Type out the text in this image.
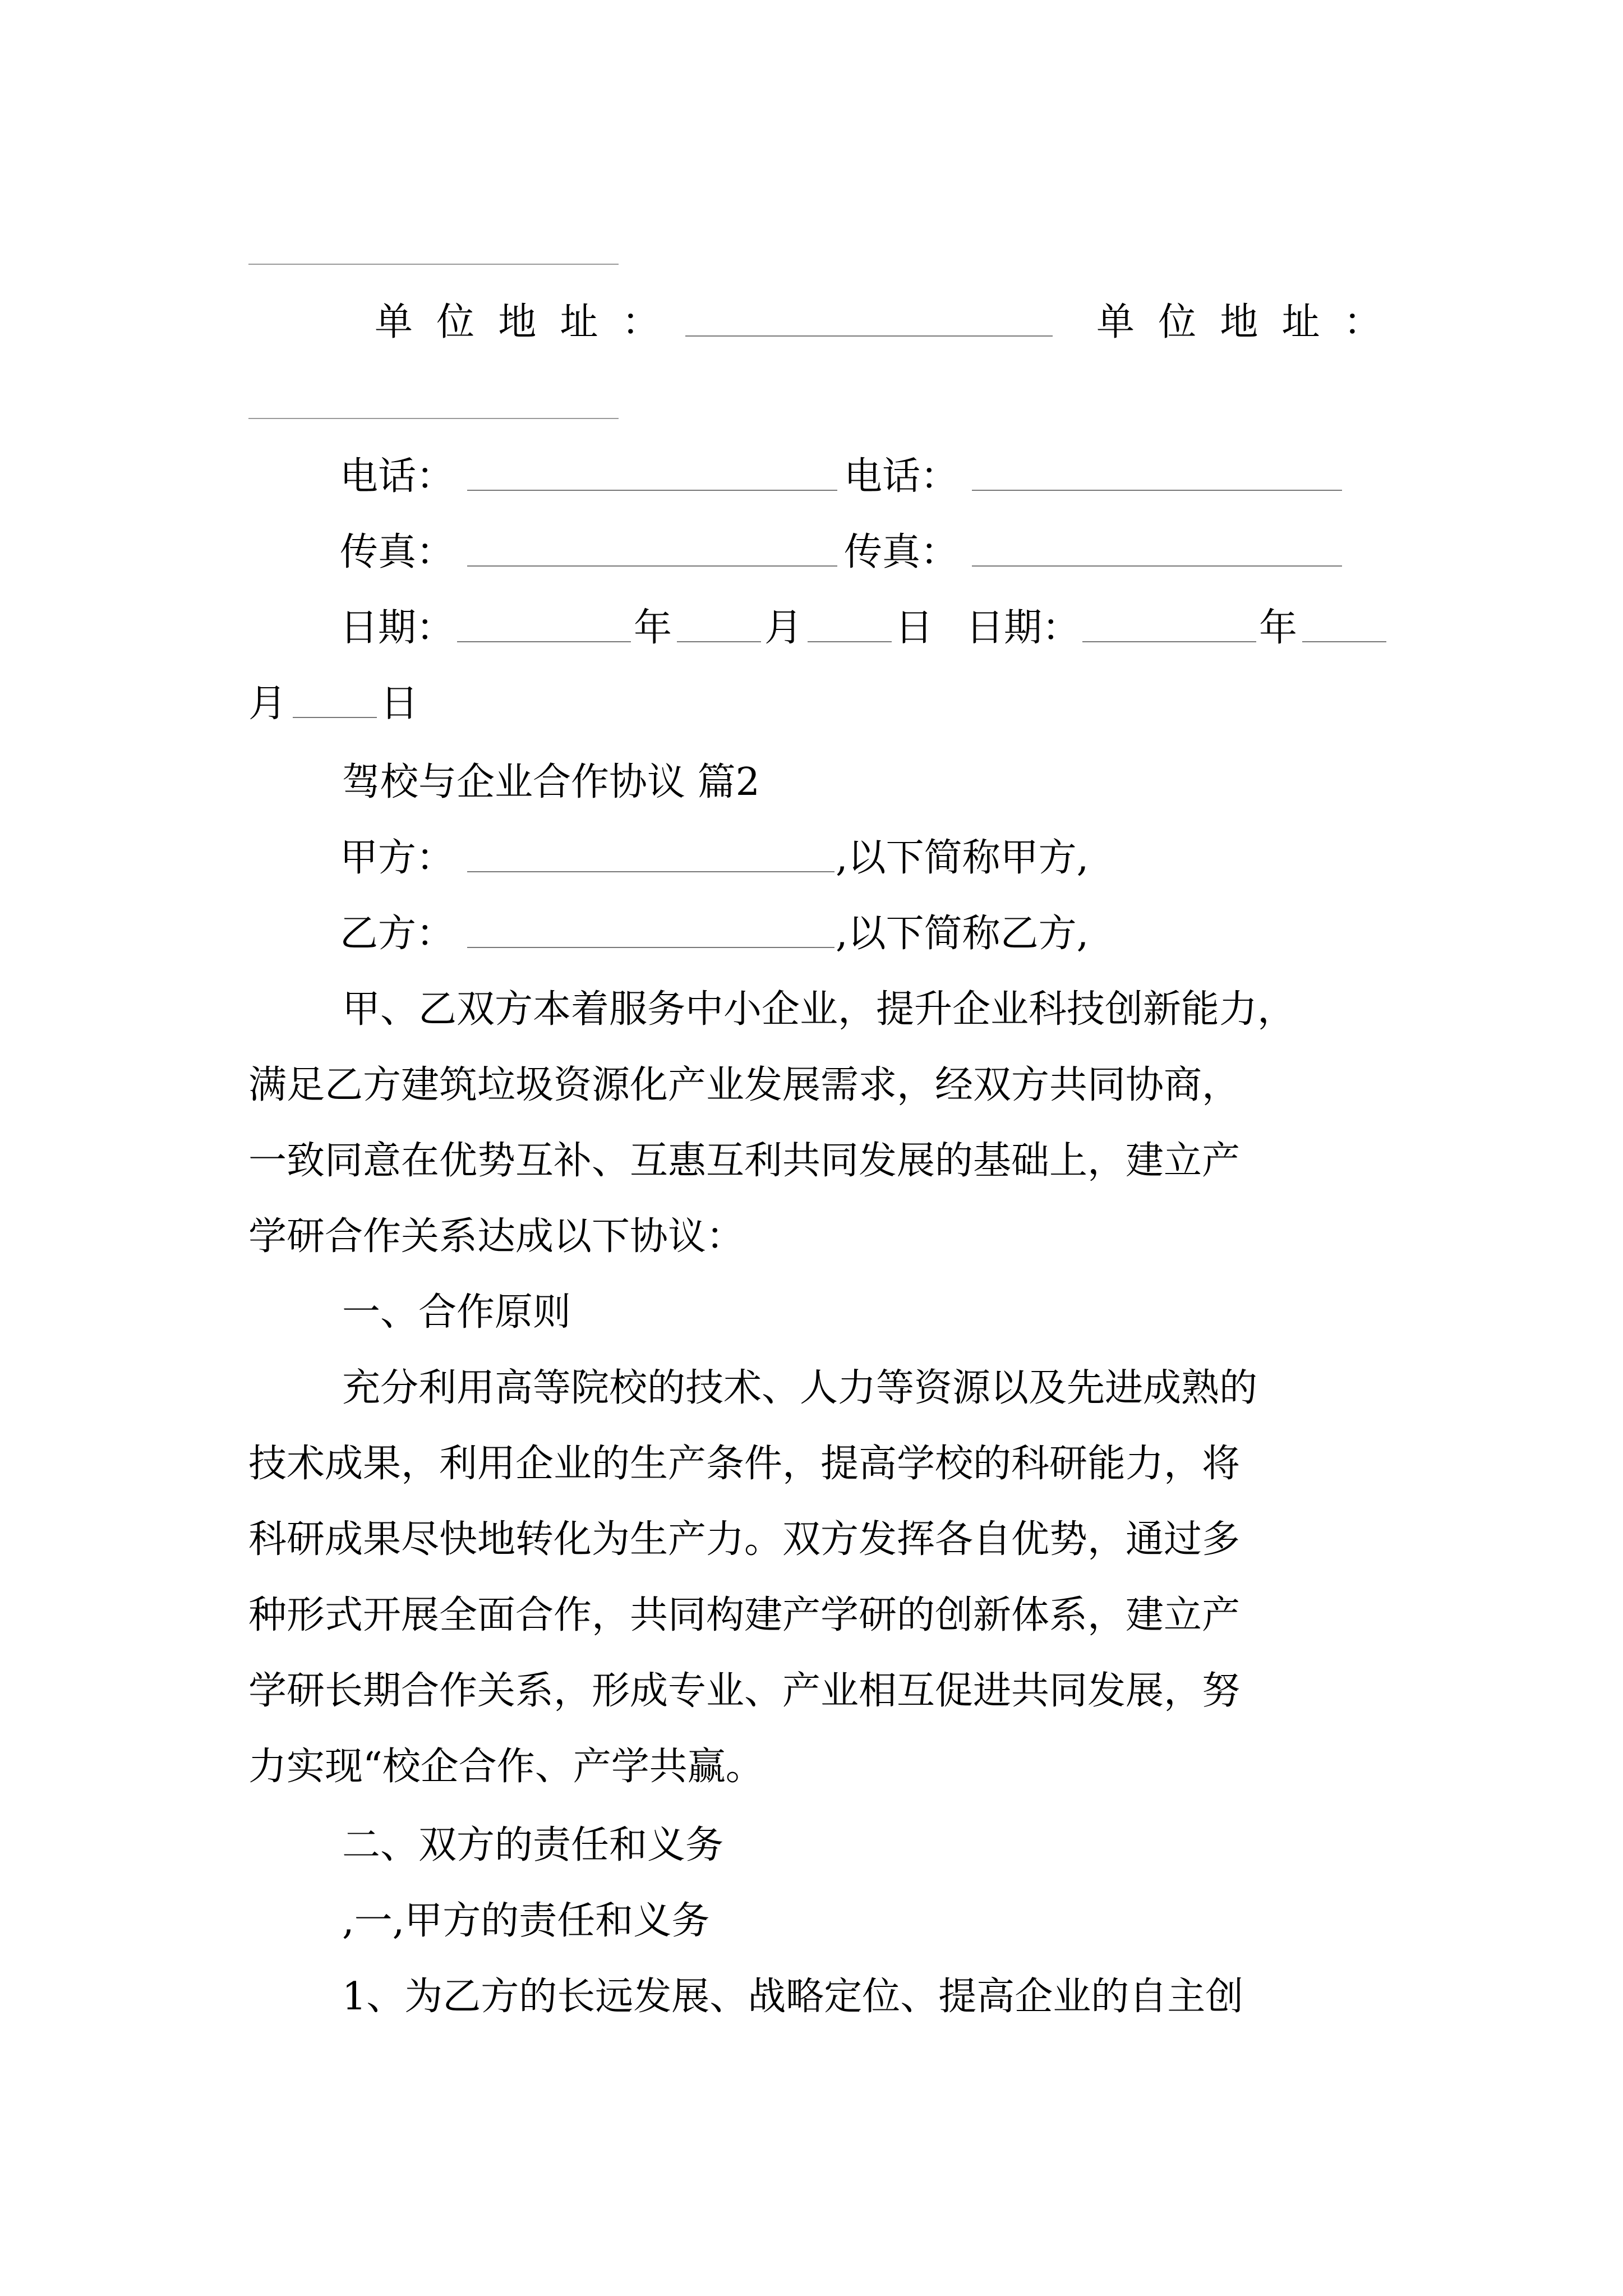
单位地址：	单位地址：
电话：	电话：
传真：	传真：
日期：	年 月 日 日期：	年
月 日
驾校与企业合作协议 篇2
甲方：	,以下简称甲方,
乙方：	,以下简称乙方,
甲、乙双方本着服务中小企业，提升企业科技创新能力，
满足乙方建筑垃圾资源化产业发展需求，经双方共同协商，
一致同意在优势互补、互惠互利共同发展的基础上，建立产
学研合作关系达成以下协议：
一、合作原则
充分利用高等院校的技术、人力等资源以及先进成熟的
技术成果，利用企业的生产条件，提高学校的科研能力，将
科研成果尽快地转化为生产力。双方发挥各自优势，通过多
种形式开展全面合作，共同构建产学研的创新体系，建立产
学研长期合作关系，形成专业、产业相互促进共同发展，努
力实现“校企合作、产学共赢。
二、双方的责任和义务
,一,甲方的责任和义务
1、为乙方的长远发展、战略定位、提高企业的自主创
